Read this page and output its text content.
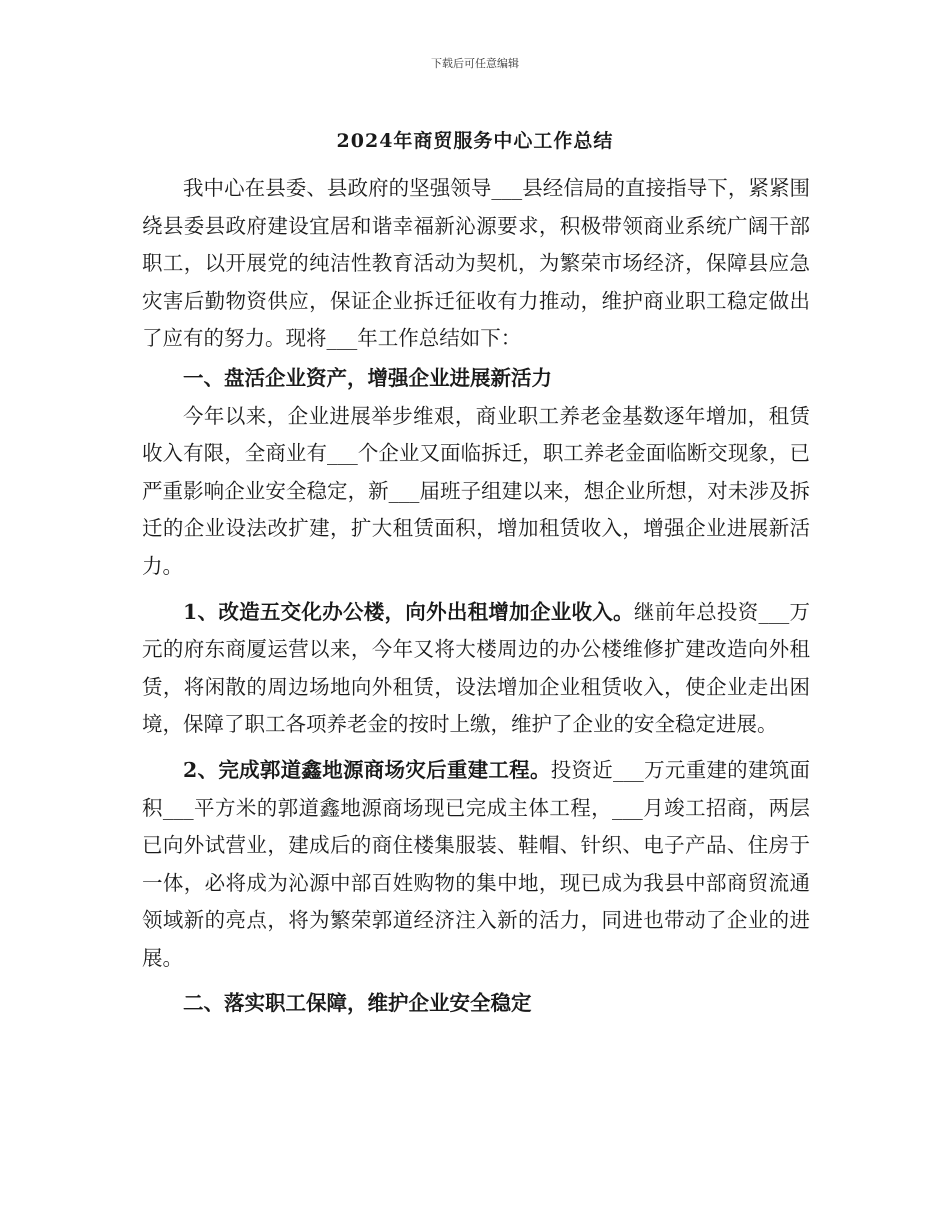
下载后可任意编辑
2024年商贸服务中心工作总结

我中心在县委、县政府的坚强领导___县经信局的直接指导下，紧紧围绕县委县政府建设宜居和谐幸福新沁源要求，积极带领商业系统广阔干部职工，以开展党的纯洁性教育活动为契机，为繁荣市场经济，保障县应急灾害后勤物资供应，保证企业拆迁征收有力推动，维护商业职工稳定做出了应有的努力。现将___年工作总结如下：

一、盘活企业资产，增强企业进展新活力

今年以来，企业进展举步维艰，商业职工养老金基数逐年增加，租赁收入有限，全商业有___个企业又面临拆迁，职工养老金面临断交现象，已严重影响企业安全稳定，新___届班子组建以来，想企业所想，对未涉及拆迁的企业设法改扩建，扩大租赁面积，增加租赁收入，增强企业进展新活力。

1、改造五交化办公楼，向外出租增加企业收入。继前年总投资___万元的府东商厦运营以来，今年又将大楼周边的办公楼维修扩建改造向外租赁，将闲散的周边场地向外租赁，设法增加企业租赁收入，使企业走出困境，保障了职工各项养老金的按时上缴，维护了企业的安全稳定进展。

2、完成郭道鑫地源商场灾后重建工程。投资近___万元重建的建筑面积___平方米的郭道鑫地源商场现已完成主体工程，___月竣工招商，两层已向外试营业，建成后的商住楼集服装、鞋帽、针织、电子产品、住房于一体，必将成为沁源中部百姓购物的集中地，现已成为我县中部商贸流通领域新的亮点，将为繁荣郭道经济注入新的活力，同进也带动了企业的进展。

二、落实职工保障，维护企业安全稳定
